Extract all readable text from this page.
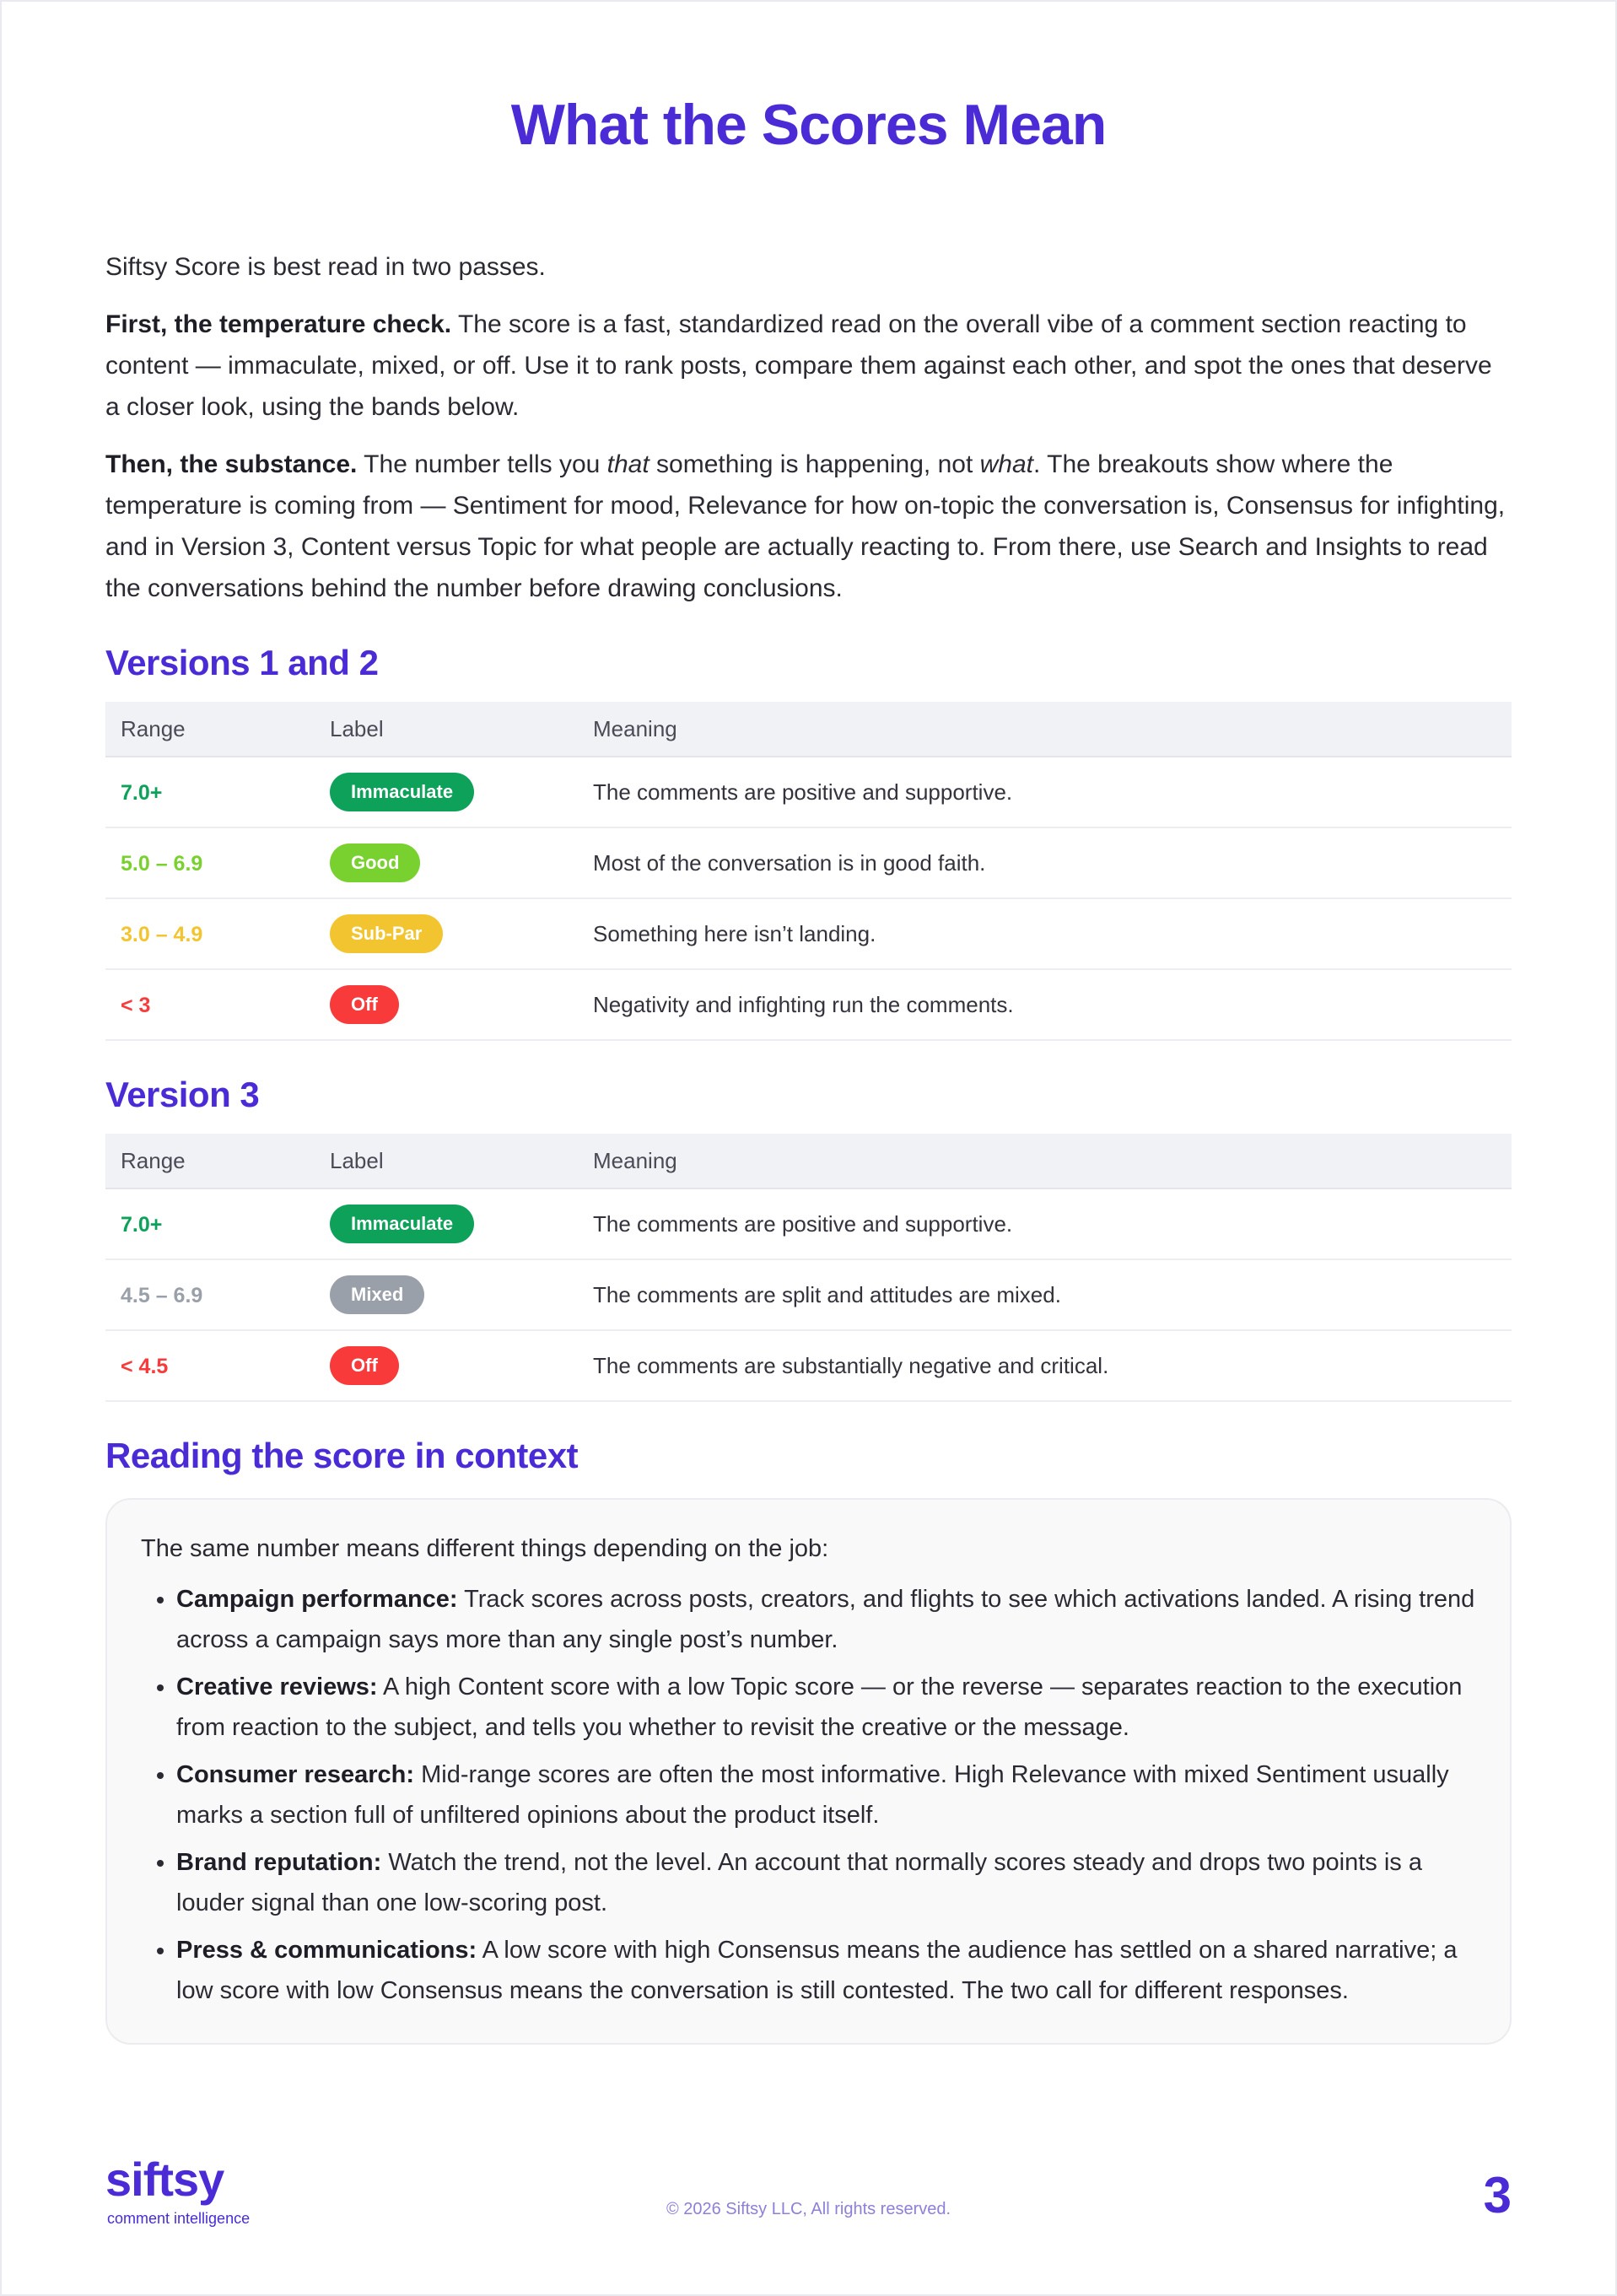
What the Scores Mean

Siftsy Score is best read in two passes.

First, the temperature check. The score is a fast, standardized read on the overall vibe of a comment section reacting to content — immaculate, mixed, or off. Use it to rank posts, compare them against each other, and spot the ones that deserve a closer look, using the bands below.

Then, the substance. The number tells you that something is happening, not what. The breakouts show where the temperature is coming from — Sentiment for mood, Relevance for how on-topic the conversation is, Consensus for infighting, and in Version 3, Content versus Topic for what people are actually reacting to. From there, use Search and Insights to read the conversations behind the number before drawing conclusions.

Versions 1 and 2
Range	Label	Meaning
7.0+	Immaculate	The comments are positive and supportive.
5.0 – 6.9	Good	Most of the conversation is in good faith.
3.0 – 4.9	Sub-Par	Something here isn’t landing.
< 3	Off	Negativity and infighting run the comments.
Version 3
Range	Label	Meaning
7.0+	Immaculate	The comments are positive and supportive.
4.5 – 6.9	Mixed	The comments are split and attitudes are mixed.
< 4.5	Off	The comments are substantially negative and critical.
Reading the score in context

The same number means different things depending on the job:

• Campaign performance: Track scores across posts, creators, and flights to see which activations landed. A rising trend across a campaign says more than any single post’s number.
• Creative reviews: A high Content score with a low Topic score — or the reverse — separates reaction to the execution from reaction to the subject, and tells you whether to revisit the creative or the message.
• Consumer research: Mid-range scores are often the most informative. High Relevance with mixed Sentiment usually marks a section full of unfiltered opinions about the product itself.
• Brand reputation: Watch the trend, not the level. An account that normally scores steady and drops two points is a louder signal than one low-scoring post.
• Press & communications: A low score with high Consensus means the audience has settled on a shared narrative; a low score with low Consensus means the conversation is still contested. The two call for different responses.
siftsy
comment intelligence	© 2026 Siftsy LLC, All rights reserved.	3
